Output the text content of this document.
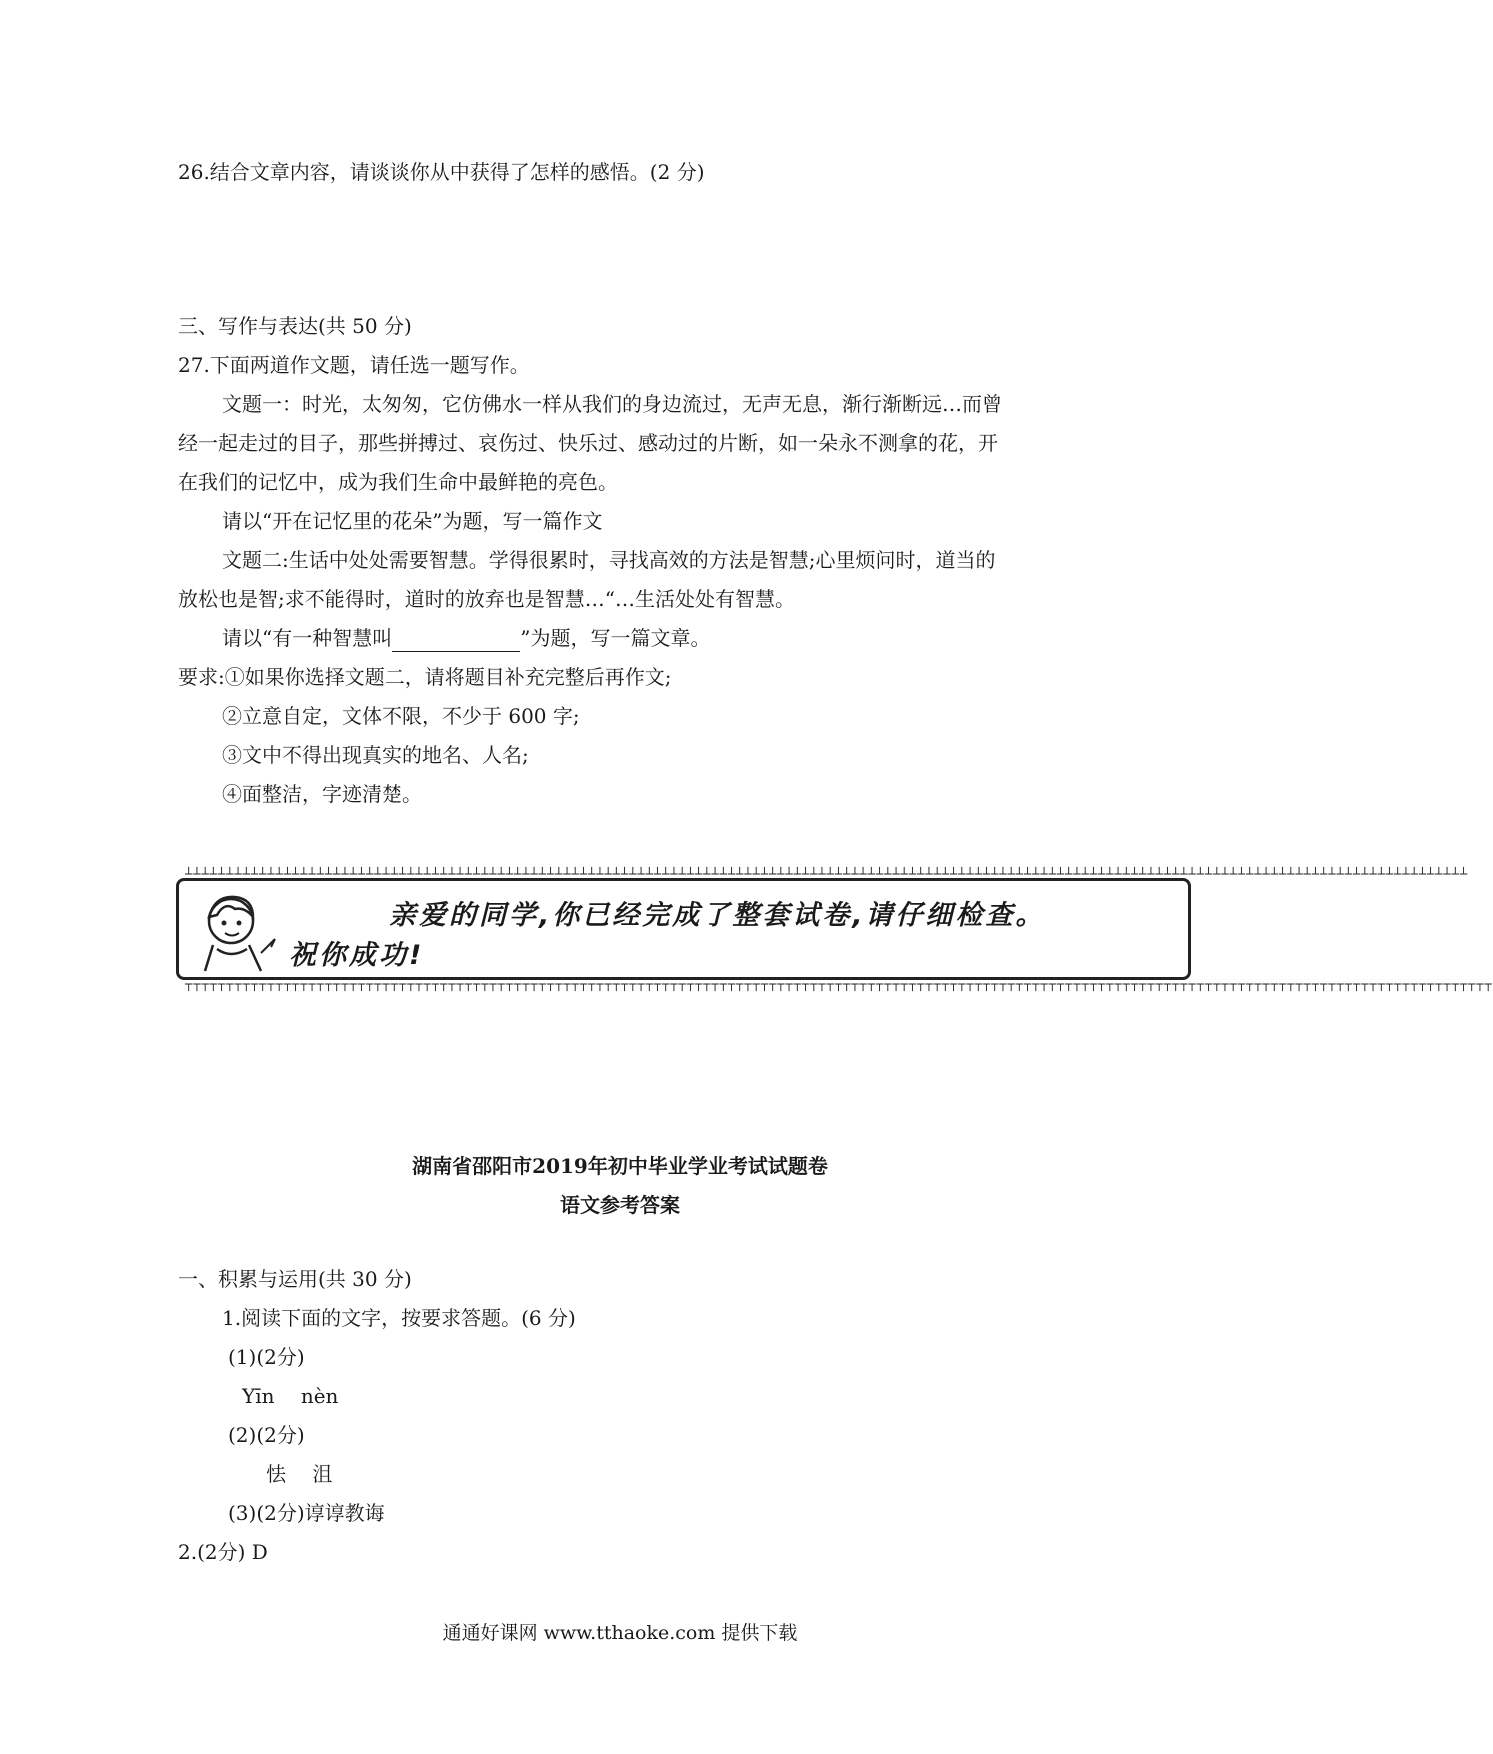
26.结合文章内容，请谈谈你从中获得了怎样的感悟。(2 分)
三、写作与表达(共 50 分)
27.下面两道作文题，请任选一题写作。
文题一：时光，太匆匆，它仿佛水一样从我们的身边流过，无声无息，渐行渐断远…而曾
经一起走过的目子，那些拼搏过、哀伤过、快乐过、感动过的片断，如一朵永不测拿的花，开
在我们的记忆中，成为我们生命中最鲜艳的亮色。
请以“开在记忆里的花朵”为题，写一篇作文
文题二:生话中处处需要智慧。学得很累时，寻找高效的方法是智慧;心里烦问时，道当的
放松也是智;求不能得时，道时的放弃也是智慧…“…生活处处有智慧。
请以“有一种智慧叫	”为题，写一篇文章。
要求:①如果你选择文题二，请将题目补充完整后再作文;
②立意自定，文体不限，不少于 600 字;
③文中不得出现真实的地名、人名;
④面整洁，字迹清楚。
┴┴┴┴┴┴┴┴┴┴┴┴┴┴┴┴┴┴┴┴┴┴┴┴┴┴┴┴┴┴┴┴┴┴┴┴┴┴┴┴┴┴┴┴┴┴┴┴┴┴┴┴┴┴┴┴┴┴┴┴┴┴┴┴┴┴┴┴┴┴┴┴┴┴┴┴┴┴┴┴┴┴┴┴┴┴┴┴┴┴┴┴┴┴┴┴┴┴┴┴┴┴┴┴┴┴┴┴┴┴┴┴┴┴┴┴┴┴┴┴┴┴┴┴┴┴┴┴┴┴┴┴┴┴┴┴┴┴┴┴┴┴┴┴┴┴┴┴┴┴┴┴┴┴┴┴
亲爱的同学,你已经完成了整套试卷,请仔细检查。
祝你成功!
┬┬┬┬┬┬┬┬┬┬┬┬┬┬┬┬┬┬┬┬┬┬┬┬┬┬┬┬┬┬┬┬┬┬┬┬┬┬┬┬┬┬┬┬┬┬┬┬┬┬┬┬┬┬┬┬┬┬┬┬┬┬┬┬┬┬┬┬┬┬┬┬┬┬┬┬┬┬┬┬┬┬┬┬┬┬┬┬┬┬┬┬┬┬┬┬┬┬┬┬┬┬┬┬┬┬┬┬┬┬┬┬┬┬┬┬┬┬┬┬┬┬┬┬┬┬┬┬┬┬┬┬┬┬┬┬┬┬┬┬┬┬┬┬┬┬┬┬┬┬┬┬┬┬┬┬┬┬┬
湖南省邵阳市2019年初中毕业学业考试试题卷
语文参考答案
一、积累与运用(共 30 分)
1.阅读下面的文字，按要求答题。(6 分)
(1)(2分)
Yīn　 nèn
(2)(2分)
怯　 沮
(3)(2分)谆谆教诲
2.(2分) D
通通好课网 www.tthaoke.com 提供下载
